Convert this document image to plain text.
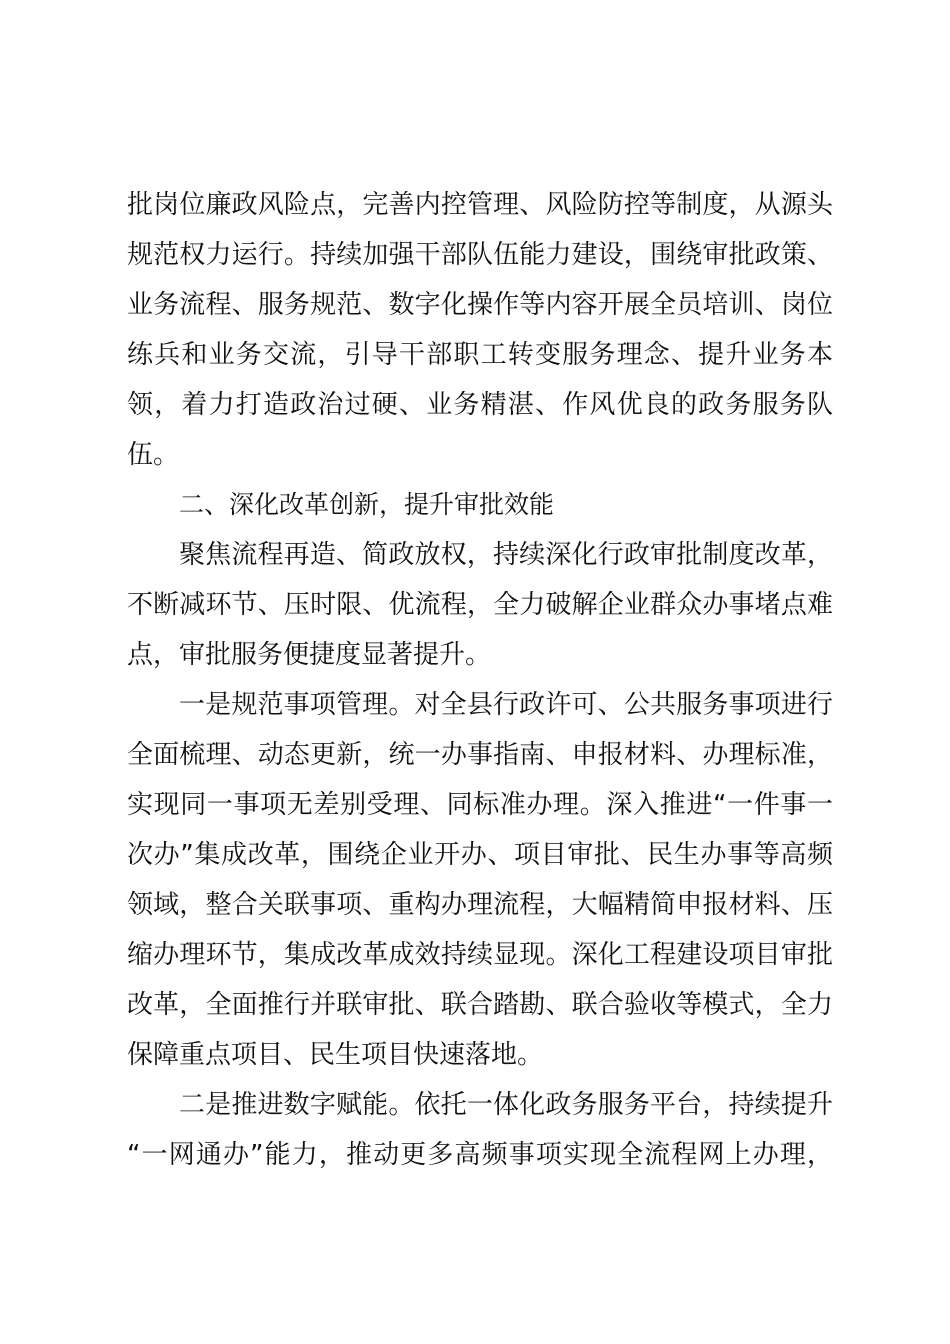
批岗位廉政风险点，完善内控管理、风险防控等制度，从源头
规范权力运行。持续加强干部队伍能力建设，围绕审批政策、
业务流程、服务规范、数字化操作等内容开展全员培训、岗位
练兵和业务交流，引导干部职工转变服务理念、提升业务本
领，着力打造政治过硬、业务精湛、作风优良的政务服务队
伍。
二、深化改革创新，提升审批效能
聚焦流程再造、简政放权，持续深化行政审批制度改革，
不断减环节、压时限、优流程，全力破解企业群众办事堵点难
点，审批服务便捷度显著提升。
一是规范事项管理。对全县行政许可、公共服务事项进行
全面梳理、动态更新，统一办事指南、申报材料、办理标准，
实现同一事项无差别受理、同标准办理。深入推进“一件事一
次办”集成改革，围绕企业开办、项目审批、民生办事等高频
领域，整合关联事项、重构办理流程，大幅精简申报材料、压
缩办理环节，集成改革成效持续显现。深化工程建设项目审批
改革，全面推行并联审批、联合踏勘、联合验收等模式，全力
保障重点项目、民生项目快速落地。
二是推进数字赋能。依托一体化政务服务平台，持续提升
“一网通办”能力，推动更多高频事项实现全流程网上办理，
